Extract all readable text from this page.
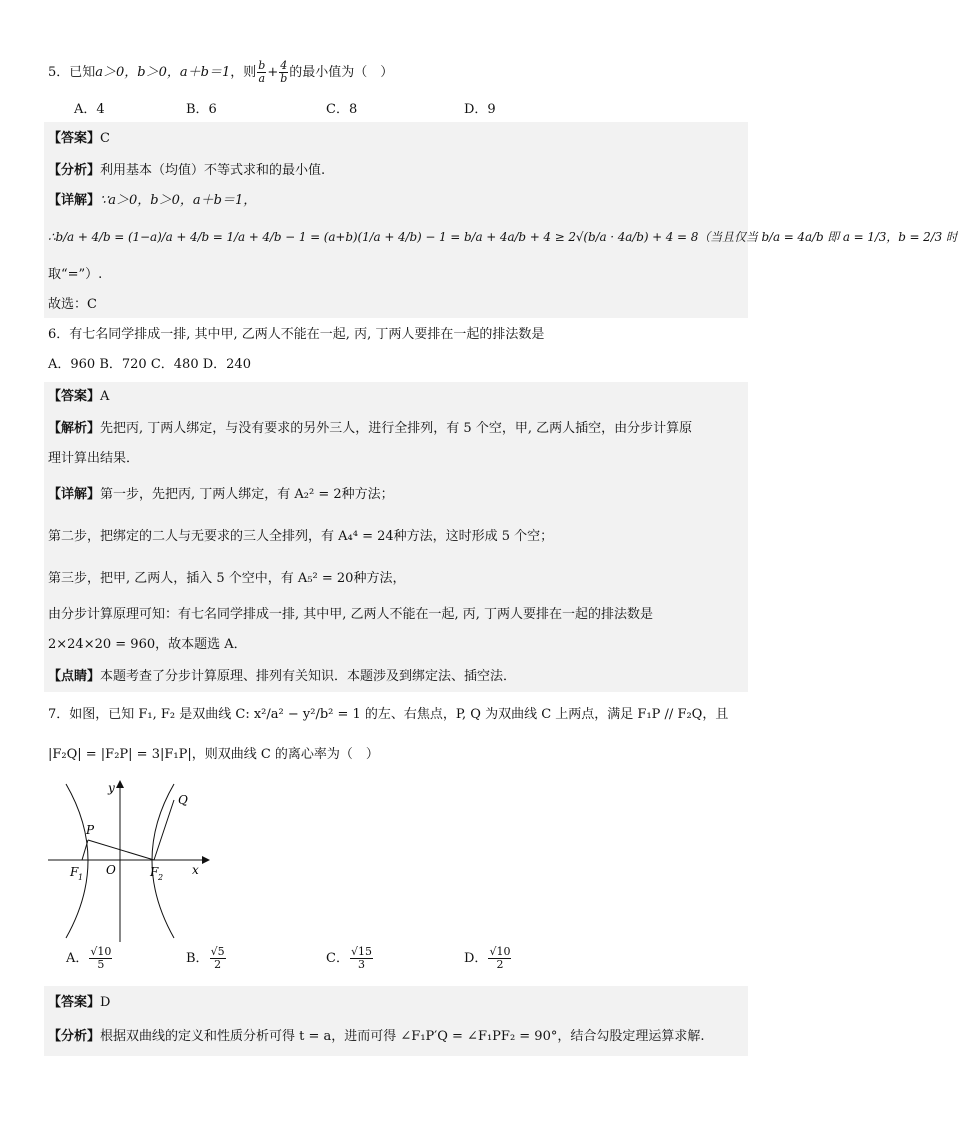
5．已知a＞0，b＞0，a＋b＝1，则 $\frac{b}{a} + \frac{4}{b}$ 的最小值为（　）
A．4	B．6	C．8	D．9
【答案】C
【分析】利用基本（均值）不等式求和的最小值.
【详解】∵a＞0，b＞0，a＋b＝1，
∴b/a + 4/b = (1−a)/a + 4/b = 1/a + 4/b − 1 = (a+b)(1/a + 4/b) − 1 = b/a + 4a/b + 4 ≥ 2√(b/a · 4a/b) + 4 = 8（当且仅当 b/a = 4a/b 即 a = 1/3，b = 2/3 时
取“=”）.
故选：C
6．有七名同学排成一排, 其中甲, 乙两人不能在一起, 丙, 丁两人要排在一起的排法数是
A．960 B．720 C．480 D．240
【答案】A
【解析】先把丙, 丁两人绑定，与没有要求的另外三人，进行全排列，有 5 个空，甲, 乙两人插空，由分步计算原
理计算出结果．
【详解】第一步，先把丙, 丁两人绑定，有 A₂² = 2种方法；
第二步，把绑定的二人与无要求的三人全排列，有 A₄⁴ = 24种方法，这时形成 5 个空；
第三步，把甲, 乙两人，插入 5 个空中，有 A₅² = 20种方法，
由分步计算原理可知：有七名同学排成一排, 其中甲, 乙两人不能在一起, 丙, 丁两人要排在一起的排法数是
2×24×20 = 960，故本题选 A．
【点睛】本题考查了分步计算原理、排列有关知识．本题涉及到绑定法、插空法．
7．如图，已知 F₁, F₂ 是双曲线 C: x²/a² − y²/b² = 1 的左、右焦点，P, Q 为双曲线 C 上两点，满足 F₁P // F₂Q，且
|F₂Q| = |F₂P| = 3|F₁P|，则双曲线 C 的离心率为（　）
y
x
O
P
Q
F 1	F 2
A． $\frac{√10}{5}$	B． $\frac{√5}{2}$	C． $\frac{√15}{3}$	D． $\frac{√10}{2}$
【答案】D
【分析】根据双曲线的定义和性质分析可得 t = a，进而可得 ∠F₁P′Q = ∠F₁PF₂ = 90°，结合勾股定理运算求解.
